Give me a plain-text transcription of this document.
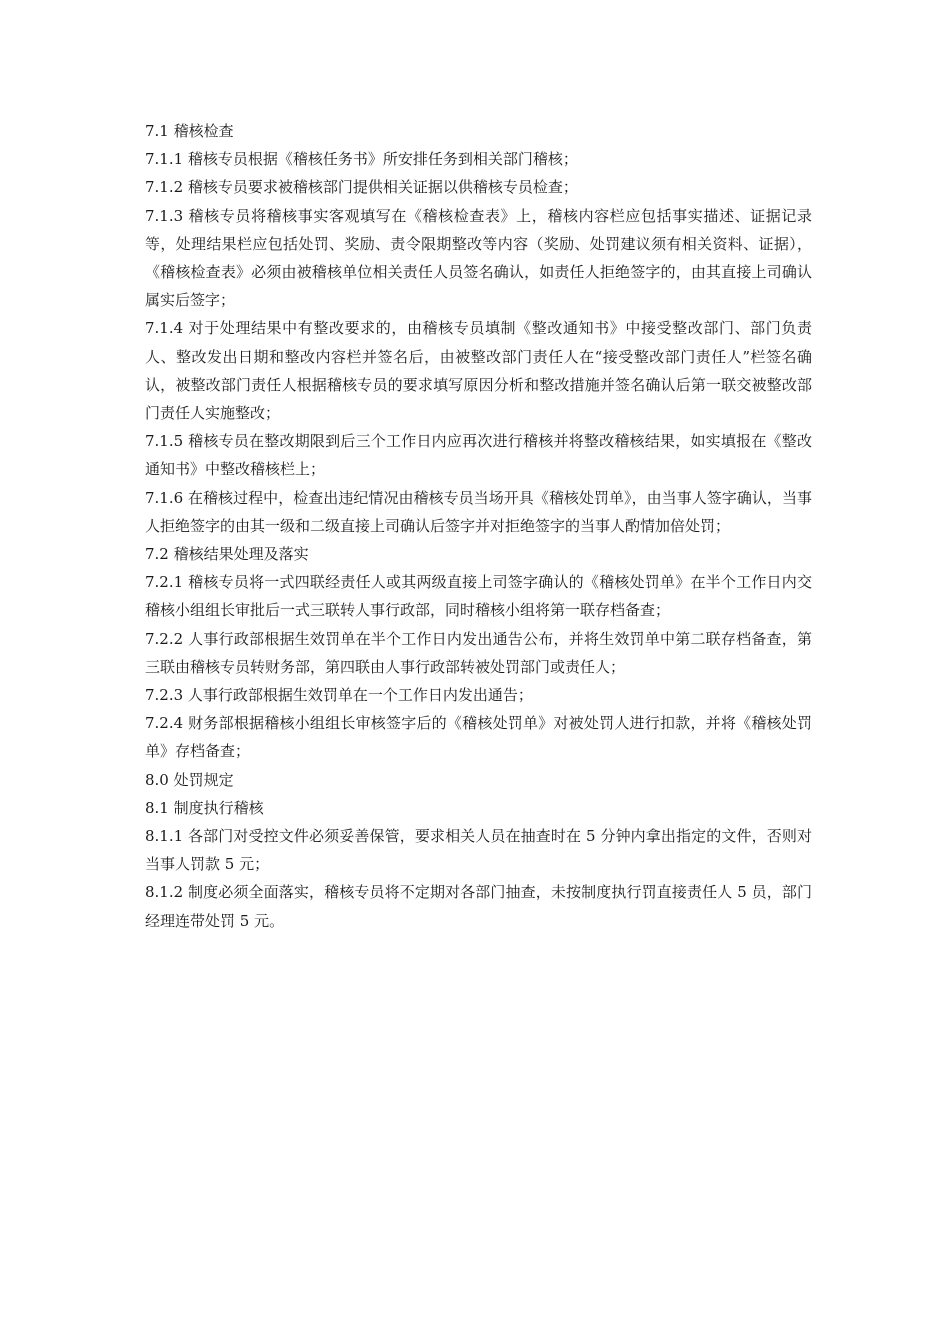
7.1 稽核检查

7.1.1 稽核专员根据《稽核任务书》所安排任务到相关部门稽核；

7.1.2 稽核专员要求被稽核部门提供相关证据以供稽核专员检查；

7.1.3 稽核专员将稽核事实客观填写在《稽核检查表》上，稽核内容栏应包括事实描述、证据记录等，处理结果栏应包括处罚、奖励、责令限期整改等内容（奖励、处罚建议须有相关资料、证据），《稽核检查表》必须由被稽核单位相关责任人员签名确认，如责任人拒绝签字的，由其直接上司确认属实后签字；

7.1.4 对于处理结果中有整改要求的，由稽核专员填制《整改通知书》中接受整改部门、部门负责人、整改发出日期和整改内容栏并签名后，由被整改部门责任人在“接受整改部门责任人”栏签名确认，被整改部门责任人根据稽核专员的要求填写原因分析和整改措施并签名确认后第一联交被整改部门责任人实施整改；

7.1.5 稽核专员在整改期限到后三个工作日内应再次进行稽核并将整改稽核结果，如实填报在《整改通知书》中整改稽核栏上；

7.1.6 在稽核过程中，检查出违纪情况由稽核专员当场开具《稽核处罚单》，由当事人签字确认，当事人拒绝签字的由其一级和二级直接上司确认后签字并对拒绝签字的当事人酌情加倍处罚；

7.2 稽核结果处理及落实

7.2.1 稽核专员将一式四联经责任人或其两级直接上司签字确认的《稽核处罚单》在半个工作日内交稽核小组组长审批后一式三联转人事行政部，同时稽核小组将第一联存档备查；

7.2.2 人事行政部根据生效罚单在半个工作日内发出通告公布，并将生效罚单中第二联存档备查，第三联由稽核专员转财务部，第四联由人事行政部转被处罚部门或责任人；

7.2.3 人事行政部根据生效罚单在一个工作日内发出通告；

7.2.4 财务部根据稽核小组组长审核签字后的《稽核处罚单》对被处罚人进行扣款，并将《稽核处罚单》存档备查；

8.0 处罚规定

8.1 制度执行稽核

8.1.1 各部门对受控文件必须妥善保管，要求相关人员在抽查时在 5 分钟内拿出指定的文件，否则对当事人罚款 5 元；

8.1.2 制度必须全面落实，稽核专员将不定期对各部门抽查，未按制度执行罚直接责任人 5 员，部门经理连带处罚 5 元。
